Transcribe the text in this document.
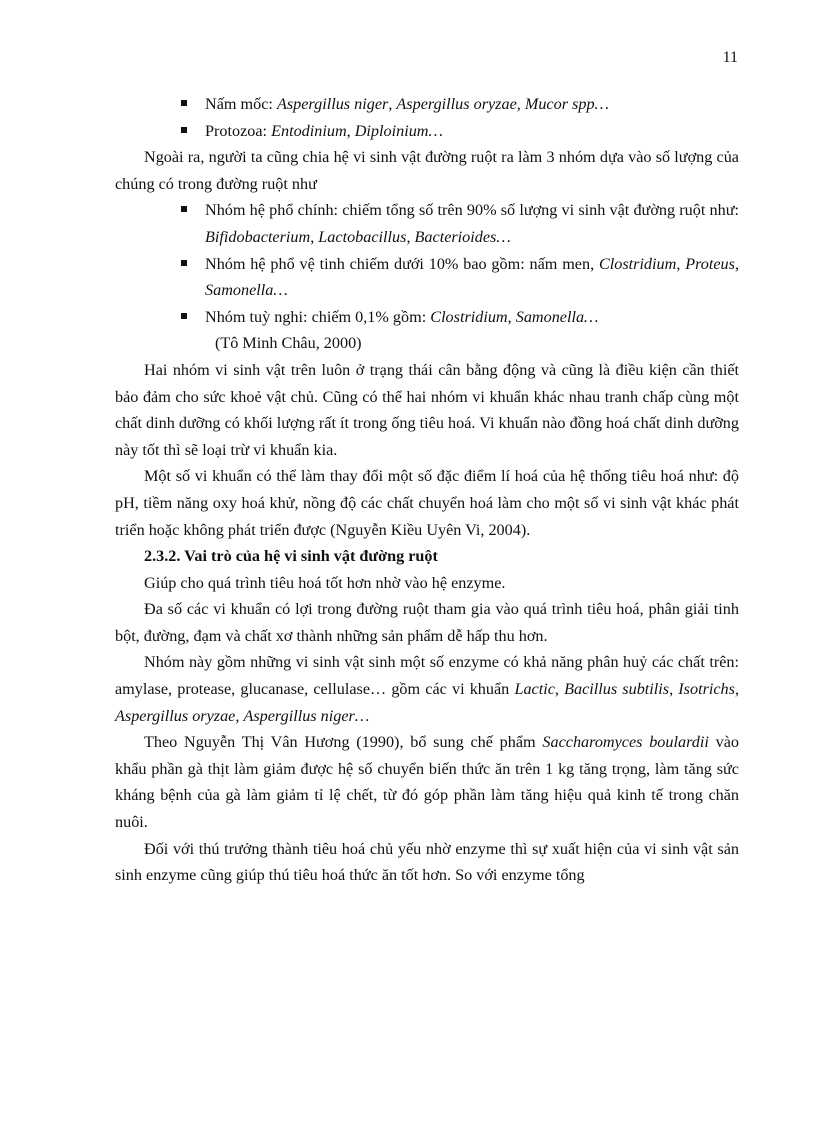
11

Nấm mốc: Aspergillus niger, Aspergillus oryzae, Mucor spp…

Protozoa: Entodinium, Diploinium…

Ngoài ra, người ta cũng chia hệ vi sinh vật đường ruột ra làm 3 nhóm dựa vào số lượng của chúng có trong đường ruột như

Nhóm hệ phổ chính: chiếm tổng số trên 90% số lượng vi sinh vật đường ruột như: Bifidobacterium, Lactobacillus, Bacterioides…

Nhóm hệ phổ vệ tinh chiếm dưới 10% bao gồm: nấm men, Clostridium, Proteus, Samonella…

Nhóm tuỳ nghi: chiếm 0,1% gồm: Clostridium, Samonella…

(Tô Minh Châu, 2000)

Hai nhóm vi sinh vật trên luôn ở trạng thái cân bằng động và cũng là điều kiện cần thiết bảo đảm cho sức khoẻ vật chủ. Cũng có thể hai nhóm vi khuẩn khác nhau tranh chấp cùng một chất dinh dưỡng có khối lượng rất ít trong ống tiêu hoá. Vi khuẩn nào đồng hoá chất dinh dưỡng này tốt thì sẽ loại trừ vi khuẩn kia.

Một số vi khuẩn có thể làm thay đổi một số đặc điểm lí hoá của hệ thống tiêu hoá như: độ pH, tiềm năng oxy hoá khử, nồng độ các chất chuyển hoá làm cho một số vi sinh vật khác phát triển hoặc không phát triển được (Nguyễn Kiều Uyên Vi, 2004).

2.3.2. Vai trò của hệ vi sinh vật đường ruột

Giúp cho quá trình tiêu hoá tốt hơn nhờ vào hệ enzyme.

Đa số các vi khuẩn có lợi trong đường ruột tham gia vào quá trình tiêu hoá, phân giải tinh bột, đường, đạm và chất xơ thành những sản phẩm dễ hấp thu hơn.

Nhóm này gồm những vi sinh vật sinh một số enzyme có khả năng phân huỷ các chất trên: amylase, protease, glucanase, cellulase… gồm các vi khuẩn Lactic, Bacillus subtilis, Isotrichs, Aspergillus oryzae, Aspergillus niger…

Theo Nguyễn Thị Vân Hương (1990), bổ sung chế phẩm Saccharomyces boulardii vào khẩu phần gà thịt làm giảm được hệ số chuyển biến thức ăn trên 1 kg tăng trọng, làm tăng sức kháng bệnh của gà làm giảm tỉ lệ chết, từ đó góp phần làm tăng hiệu quả kinh tế trong chăn nuôi.

Đối với thú trưởng thành tiêu hoá chủ yếu nhờ enzyme thì sự xuất hiện của vi sinh vật sản sinh enzyme cũng giúp thú tiêu hoá thức ăn tốt hơn. So với enzyme tổng
